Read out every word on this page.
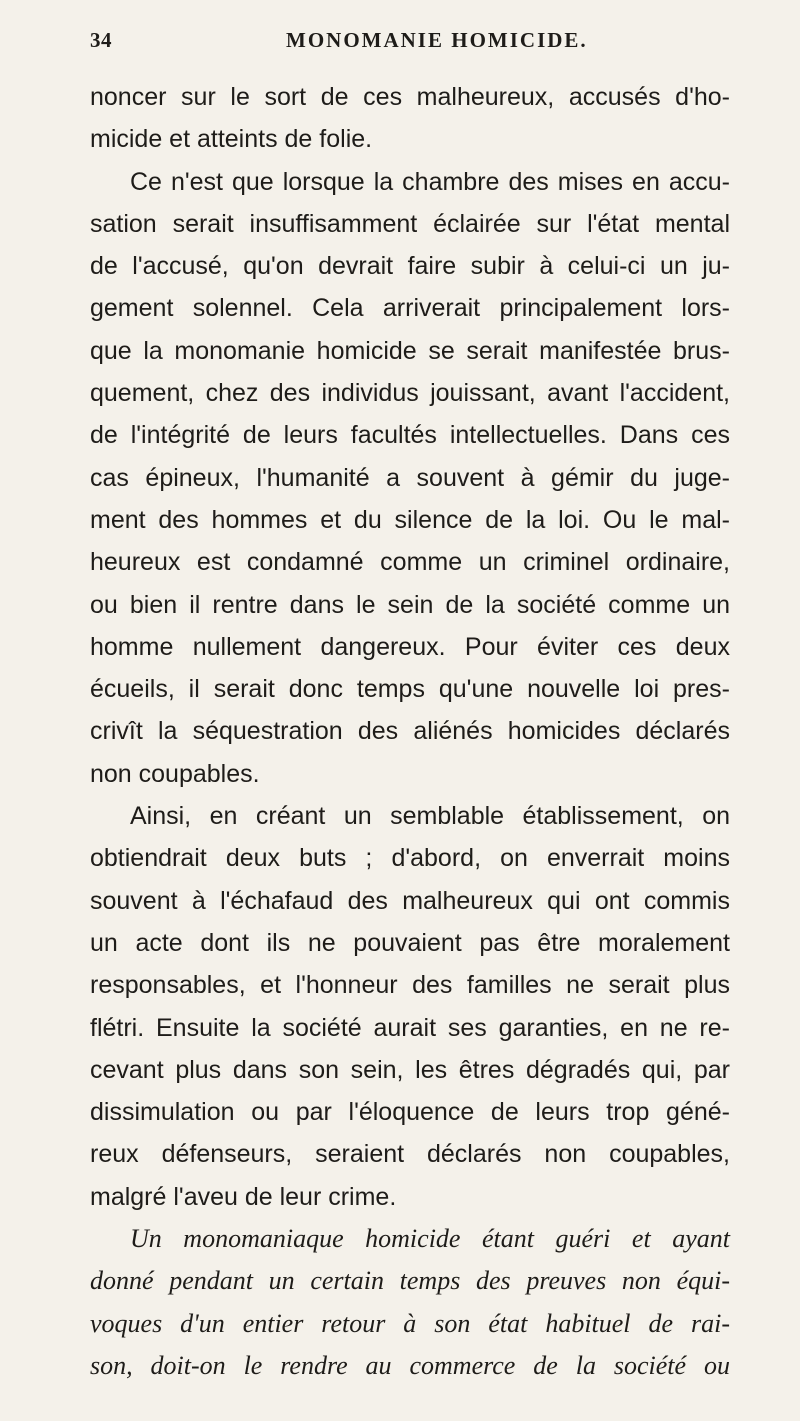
34	MONOMANIE HOMICIDE.
noncer sur le sort de ces malheureux, accusés d'ho-
micide et atteints de folie.
Ce n'est que lorsque la chambre des mises en accu-
sation serait insuffisamment éclairée sur l'état mental
de l'accusé, qu'on devrait faire subir à celui-ci un ju-
gement solennel. Cela arriverait principalement lors-
que la monomanie homicide se serait manifestée brus-
quement, chez des individus jouissant, avant l'accident,
de l'intégrité de leurs facultés intellectuelles. Dans ces
cas épineux, l'humanité a souvent à gémir du juge-
ment des hommes et du silence de la loi. Ou le mal-
heureux est condamné comme un criminel ordinaire,
ou bien il rentre dans le sein de la société comme un
homme nullement dangereux. Pour éviter ces deux
écueils, il serait donc temps qu'une nouvelle loi pres-
crivît la séquestration des aliénés homicides déclarés
non coupables.
Ainsi, en créant un semblable établissement, on
obtiendrait deux buts ; d'abord, on enverrait moins
souvent à l'échafaud des malheureux qui ont commis
un acte dont ils ne pouvaient pas être moralement
responsables, et l'honneur des familles ne serait plus
flétri. Ensuite la société aurait ses garanties, en ne re-
cevant plus dans son sein, les êtres dégradés qui, par
dissimulation ou par l'éloquence de leurs trop géné-
reux défenseurs, seraient déclarés non coupables,
malgré l'aveu de leur crime.
Un monomaniaque homicide étant guéri et ayant
donné pendant un certain temps des preuves non équi-
voques d'un entier retour à son état habituel de rai-
son, doit-on le rendre au commerce de la société ou
